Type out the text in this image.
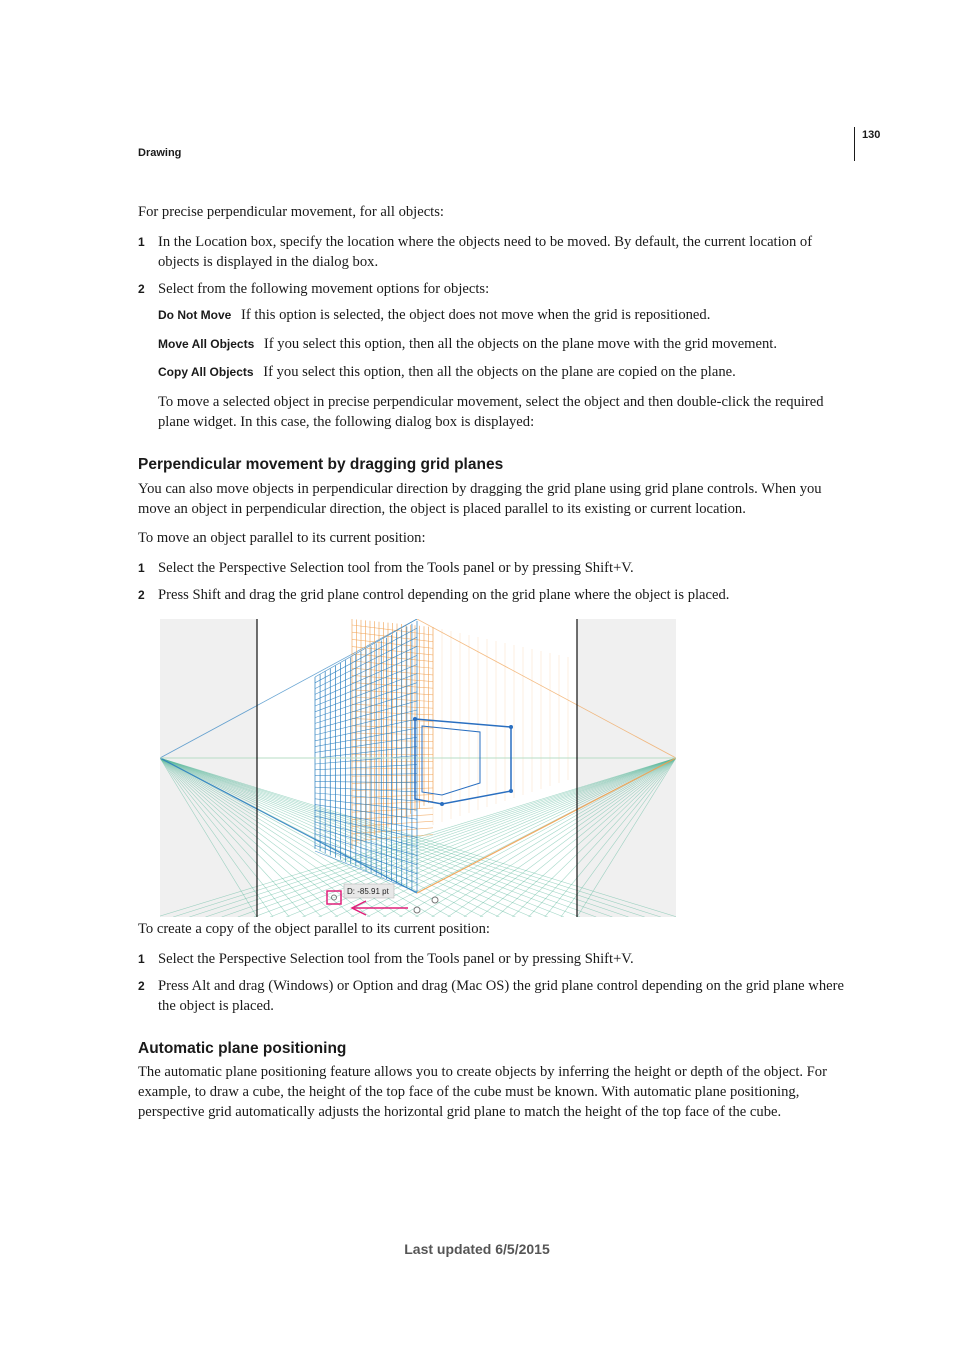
Drawing
130

For precise perpendicular movement, for all objects:

1 In the Location box, specify the location where the objects need to be moved. By default, the current location of objects is displayed in the dialog box.
2 Select from the following movement options for objects:
Do Not Move If this option is selected, the object does not move when the grid is repositioned.
Move All Objects If you select this option, then all the objects on the plane move with the grid movement.
Copy All Objects If you select this option, then all the objects on the plane are copied on the plane.

To move a selected object in precise perpendicular movement, select the object and then double-click the required plane widget. In this case, the following dialog box is displayed:

Perpendicular movement by dragging grid planes

You can also move objects in perpendicular direction by dragging the grid plane using grid plane controls. When you move an object in perpendicular direction, the object is placed parallel to its existing or current location.

To move an object parallel to its current position:

1 Select the Perspective Selection tool from the Tools panel or by pressing Shift+V.
2 Press Shift and drag the grid plane control depending on the grid plane where the object is placed.
D: -85.91 pt

To create a copy of the object parallel to its current position:

1 Select the Perspective Selection tool from the Tools panel or by pressing Shift+V.
2 Press Alt and drag (Windows) or Option and drag (Mac OS) the grid plane control depending on the grid plane where the object is placed.
Automatic plane positioning

The automatic plane positioning feature allows you to create objects by inferring the height or depth of the object. For example, to draw a cube, the height of the top face of the cube must be known. With automatic plane positioning, perspective grid automatically adjusts the horizontal grid plane to match the height of the top face of the cube.

Last updated 6/5/2015
